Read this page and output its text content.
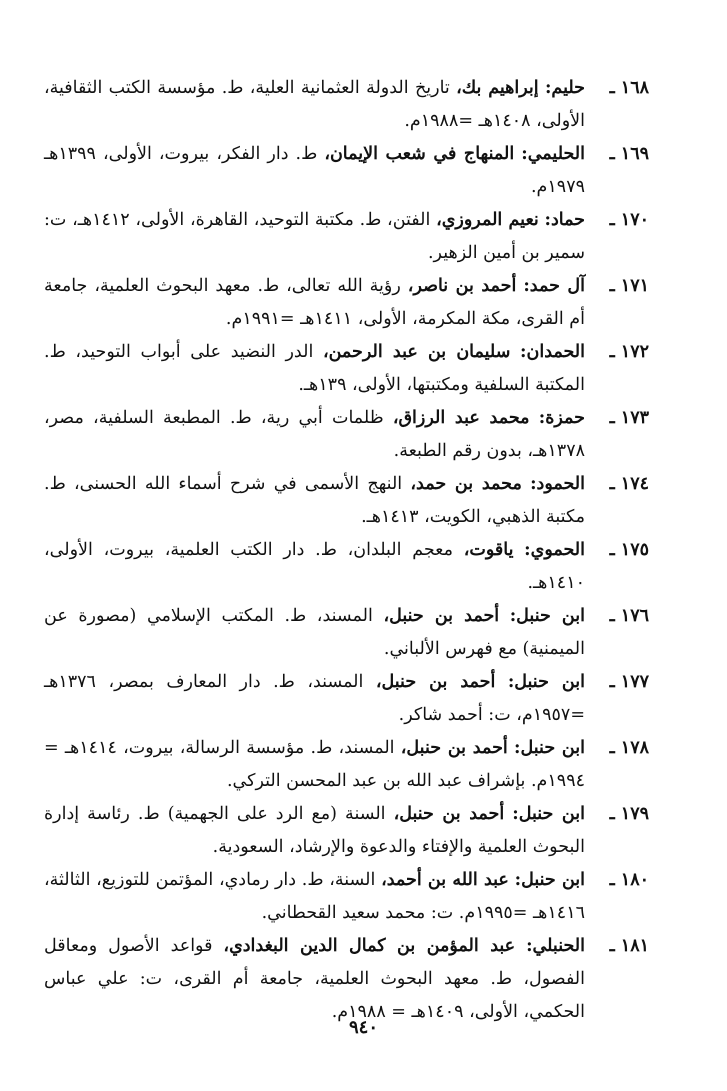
١٦٨ ـ
حليم: إبراهيم بك، تاريخ الدولة العثمانية العلية، ط. مؤسسة الكتب الثقافية، الأولى، ١٤٠٨هـ =١٩٨٨م.
١٦٩ ـ
الحليمي: المنهاج في شعب الإيمان، ط. دار الفكر، بيروت، الأولى، ١٣٩٩هـ ١٩٧٩م.
١٧٠ ـ
حماد: نعيم المروزي، الفتن، ط. مكتبة التوحيد، القاهرة، الأولى، ١٤١٢هـ، ت: سمير بن أمين الزهير.
١٧١ ـ
آل حمد: أحمد بن ناصر، رؤية الله تعالى، ط. معهد البحوث العلمية، جامعة أم القرى، مكة المكرمة، الأولى، ١٤١١هـ =١٩٩١م.
١٧٢ ـ
الحمدان: سليمان بن عبد الرحمن، الدر النضيد على أبواب التوحيد، ط. المكتبة السلفية ومكتبتها، الأولى، ١٣٩هـ.
١٧٣ ـ
حمزة: محمد عبد الرزاق، ظلمات أبي رية، ط. المطبعة السلفية، مصر، ١٣٧٨هـ، بدون رقم الطبعة.
١٧٤ ـ
الحمود: محمد بن حمد، النهج الأسمى في شرح أسماء الله الحسنى، ط. مكتبة الذهبي، الكويت، ١٤١٣هـ.
١٧٥ ـ
الحموي: ياقوت، معجم البلدان، ط. دار الكتب العلمية، بيروت، الأولى، ١٤١٠هـ.
١٧٦ ـ
ابن حنبل: أحمد بن حنبل، المسند، ط. المكتب الإسلامي (مصورة عن الميمنية) مع فهرس الألباني.
١٧٧ ـ
ابن حنبل: أحمد بن حنبل، المسند، ط. دار المعارف بمصر، ١٣٧٦هـ =١٩٥٧م، ت: أحمد شاكر.
١٧٨ ـ
ابن حنبل: أحمد بن حنبل، المسند، ط. مؤسسة الرسالة، بيروت، ١٤١٤هـ = ١٩٩٤م. بإشراف عبد الله بن عبد المحسن التركي.
١٧٩ ـ
ابن حنبل: أحمد بن حنبل، السنة (مع الرد على الجهمية) ط. رئاسة إدارة البحوث العلمية والإفتاء والدعوة والإرشاد، السعودية.
١٨٠ ـ
ابن حنبل: عبد الله بن أحمد، السنة، ط. دار رمادي، المؤتمن للتوزيع، الثالثة، ١٤١٦هـ =١٩٩٥م. ت: محمد سعيد القحطاني.
١٨١ ـ
الحنبلي: عبد المؤمن بن كمال الدين البغدادي، قواعد الأصول ومعاقل الفصول، ط. معهد البحوث العلمية، جامعة أم القرى، ت: علي عباس الحكمي، الأولى، ١٤٠٩هـ = ١٩٨٨م.
٩٤٠
